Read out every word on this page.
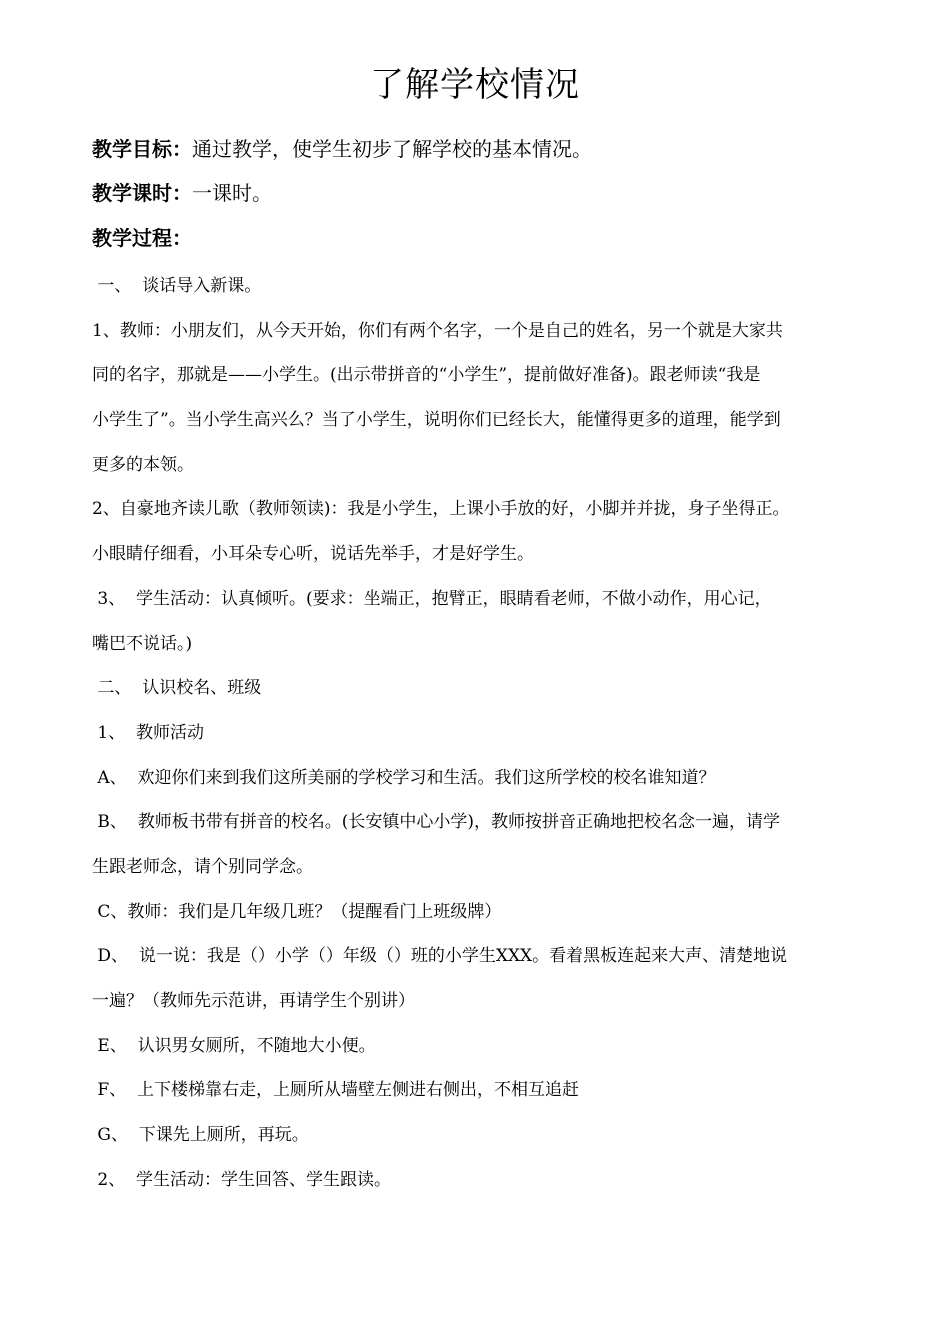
了解学校情况
教学目标：通过教学，使学生初步了解学校的基本情况。
教学课时：一课时。
教学过程：
一、  谈话导入新课。
1、教师：小朋友们，从今天开始，你们有两个名字，一个是自己的姓名，另一个就是大家共
同的名字，那就是——小学生。(出示带拼音的“小学生”，提前做好准备)。跟老师读“我是
小学生了”。当小学生高兴么？当了小学生，说明你们已经长大，能懂得更多的道理，能学到
更多的本领。
2、自豪地齐读儿歌（教师领读)：我是小学生，上课小手放的好，小脚并并拢，身子坐得正。
小眼睛仔细看，小耳朵专心听，说话先举手，才是好学生。
3、  学生活动：认真倾听。(要求：坐端正，抱臂正，眼睛看老师，不做小动作，用心记，
嘴巴不说话。)
二、  认识校名、班级
1、  教师活动
A、  欢迎你们来到我们这所美丽的学校学习和生活。我们这所学校的校名谁知道？
B、  教师板书带有拼音的校名。(长安镇中心小学)，教师按拼音正确地把校名念一遍，请学
生跟老师念，请个别同学念。
C、教师：我们是几年级几班？（提醒看门上班级牌）
D、  说一说：我是（）小学（）年级（）班的小学生XXX。看着黑板连起来大声、清楚地说
一遍？（教师先示范讲，再请学生个别讲）
E、  认识男女厕所，不随地大小便。
F、  上下楼梯靠右走，上厕所从墙壁左侧进右侧出，不相互追赶
G、  下课先上厕所，再玩。
2、  学生活动：学生回答、学生跟读。
